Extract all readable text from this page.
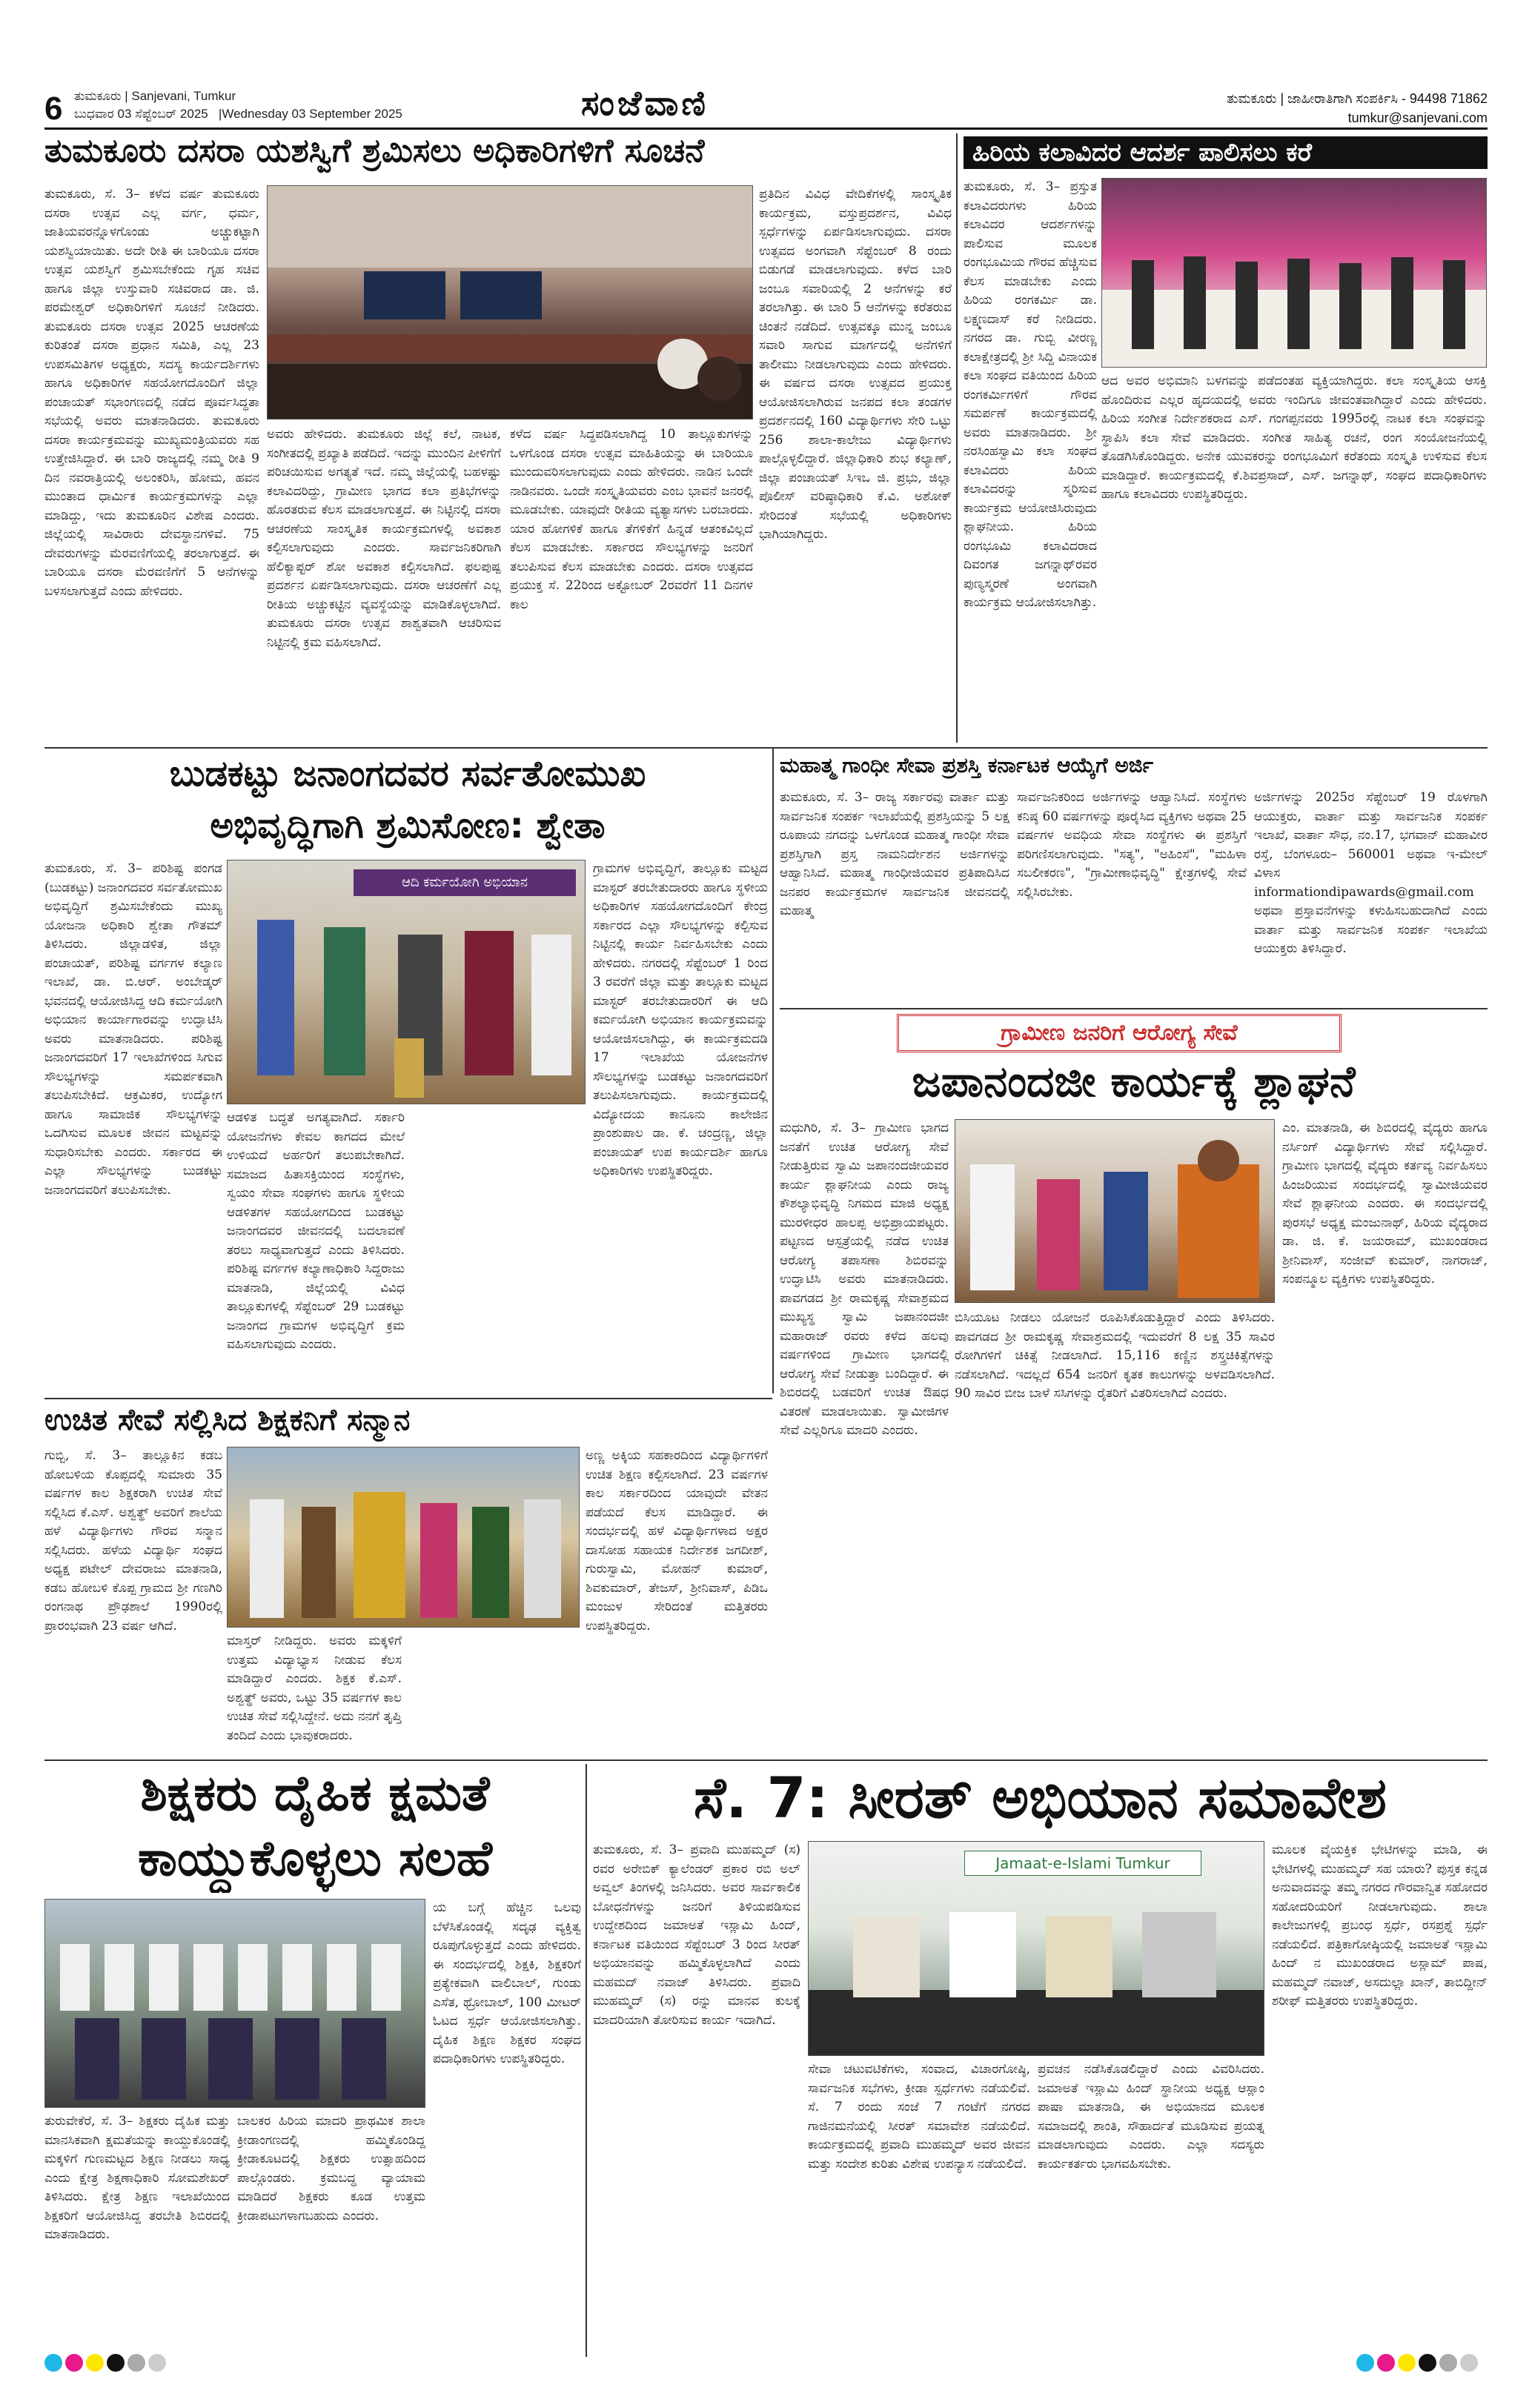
6 ತುಮಕೂರು | Sanjevani, Tumkur
ಬುಧವಾರ 03 ಸೆಪ್ಟೆಂಬರ್ 2025   |Wednesday 03 September 2025	ಸಂಜೆವಾಣಿ	ತುಮಕೂರು | ಜಾಹೀರಾತಿಗಾಗಿ ಸಂಪರ್ಕಿಸಿ - 94498 71862
tumkur@sanjevani.com
ತುಮಕೂರು ದಸರಾ ಯಶಸ್ವಿಗೆ ಶ್ರಮಿಸಲು ಅಧಿಕಾರಿಗಳಿಗೆ ಸೂಚನೆ
ತುಮಕೂರು, ಸೆ. 3– ಕಳೆದ ವರ್ಷ ತುಮಕೂರು ದಸರಾ ಉತ್ಸವ ಎಲ್ಲ ವರ್ಗ, ಧರ್ಮ, ಜಾತಿಯವರನ್ನೊಳಗೊಂಡು ಅಚ್ಚುಕಟ್ಟಾಗಿ ಯಶಸ್ವಿಯಾಯಿತು. ಅದೇ ರೀತಿ ಈ ಬಾರಿಯೂ ದಸರಾ ಉತ್ಸವ ಯಶಸ್ವಿಗೆ ಶ್ರಮಿಸಬೇಕೆಂದು ಗೃಹ ಸಚಿವ ಹಾಗೂ ಜಿಲ್ಲಾ ಉಸ್ತುವಾರಿ ಸಚಿವರಾದ ಡಾ. ಜಿ. ಪರಮೇಶ್ವರ್ ಅಧಿಕಾರಿಗಳಿಗೆ ಸೂಚನೆ ನೀಡಿದರು. ತುಮಕೂರು ದಸರಾ ಉತ್ಸವ 2025 ಆಚರಣೆಯ ಕುರಿತಂತೆ ದಸರಾ ಪ್ರಧಾನ ಸಮಿತಿ, ಎಲ್ಲ 23 ಉಪಸಮಿತಿಗಳ ಅಧ್ಯಕ್ಷರು, ಸದಸ್ಯ ಕಾರ್ಯದರ್ಶಿಗಳು ಹಾಗೂ ಅಧಿಕಾರಿಗಳ ಸಹಯೋಗದೊಂದಿಗೆ ಜಿಲ್ಲಾ ಪಂಚಾಯತ್ ಸಭಾಂಗಣದಲ್ಲಿ ನಡೆದ ಪೂರ್ವಸಿದ್ಧತಾ ಸಭೆಯಲ್ಲಿ ಅವರು ಮಾತನಾಡಿದರು. ತುಮಕೂರು ದಸರಾ ಕಾರ್ಯಕ್ರಮವನ್ನು ಮುಖ್ಯಮಂತ್ರಿಯವರು ಸಹ ಉತ್ತೇಜಿಸಿದ್ದಾರೆ. ಈ ಬಾರಿ ರಾಜ್ಯದಲ್ಲಿ ನಮ್ಮ ರೀತಿ 9 ದಿನ ನವರಾತ್ರಿಯಲ್ಲಿ ಅಲಂಕರಿಸಿ, ಹೋಮ, ಹವನ ಮುಂತಾದ ಧಾರ್ಮಿಕ ಕಾರ್ಯಕ್ರಮಗಳನ್ನು ಎಲ್ಲಾ ಮಾಡಿದ್ದು, ಇದು ತುಮಕೂರಿನ ವಿಶೇಷ ಎಂದರು. ಜಿಲ್ಲೆಯಲ್ಲಿ ಸಾವಿರಾರು ದೇವಸ್ಥಾನಗಳಿವೆ. 75 ದೇವರುಗಳನ್ನು ಮೆರವಣಿಗೆಯಲ್ಲಿ ತರಲಾಗುತ್ತದೆ. ಈ ಬಾರಿಯೂ ದಸರಾ ಮೆರವಣಿಗೆಗೆ 5 ಆನೆಗಳನ್ನು ಬಳಸಲಾಗುತ್ತದೆ ಎಂದು ಹೇಳಿದರು.
ಅವರು ಹೇಳಿದರು. ತುಮಕೂರು ಜಿಲ್ಲೆ ಕಲೆ, ನಾಟಕ, ಸಂಗೀತದಲ್ಲಿ ಪ್ರಖ್ಯಾತಿ ಪಡೆದಿದೆ. ಇದನ್ನು ಮುಂದಿನ ಪೀಳಿಗೆಗೆ ಪರಿಚಯಿಸುವ ಅಗತ್ಯತೆ ಇದೆ. ನಮ್ಮ ಜಿಲ್ಲೆಯಲ್ಲಿ ಬಹಳಷ್ಟು ಕಲಾವಿದರಿದ್ದು, ಗ್ರಾಮೀಣ ಭಾಗದ ಕಲಾ ಪ್ರತಿಭೆಗಳನ್ನು ಹೊರತರುವ ಕೆಲಸ ಮಾಡಲಾಗುತ್ತದೆ. ಈ ನಿಟ್ಟಿನಲ್ಲಿ ದಸರಾ ಆಚರಣೆಯ ಸಾಂಸ್ಕೃತಿಕ ಕಾರ್ಯಕ್ರಮಗಳಲ್ಲಿ ಅವಕಾಶ ಕಲ್ಪಿಸಲಾಗುವುದು ಎಂದರು. ಸಾರ್ವಜನಿಕರಿಗಾಗಿ ಹೆಲಿಕ್ಯಾಪ್ಟರ್ ಶೋ ಅವಕಾಶ ಕಲ್ಪಿಸಲಾಗಿದೆ. ಫಲಪುಷ್ಪ ಪ್ರದರ್ಶನ ಏರ್ಪಡಿಸಲಾಗುವುದು. ದಸರಾ ಆಚರಣೆಗೆ ಎಲ್ಲ ರೀತಿಯ ಅಚ್ಚುಕಟ್ಟಿನ ವ್ಯವಸ್ಥೆಯನ್ನು ಮಾಡಿಕೊಳ್ಳಲಾಗಿದೆ. ತುಮಕೂರು ದಸರಾ ಉತ್ಸವ ಶಾಶ್ವತವಾಗಿ ಆಚರಿಸುವ ನಿಟ್ಟಿನಲ್ಲಿ ಕ್ರಮ ವಹಿಸಲಾಗಿದೆ.
ಕಳೆದ ವರ್ಷ ಸಿದ್ಧಪಡಿಸಲಾಗಿದ್ದ 10 ತಾಲ್ಲೂಕುಗಳನ್ನು ಒಳಗೊಂಡ ದಸರಾ ಉತ್ಸವ ಮಾಹಿತಿಯನ್ನು ಈ ಬಾರಿಯೂ ಮುಂದುವರಿಸಲಾಗುವುದು ಎಂದು ಹೇಳಿದರು. ನಾಡಿನ ಒಂದೇ ನಾಡಿನವರು. ಒಂದೇ ಸಂಸ್ಕೃತಿಯವರು ಎಂಬ ಭಾವನೆ ಜನರಲ್ಲಿ ಮೂಡಬೇಕು. ಯಾವುದೇ ರೀತಿಯ ವ್ಯತ್ಯಾಸಗಳು ಬರಬಾರದು. ಯಾರ ಹೋಗಳಿಕೆ ಹಾಗೂ ತೆಗಳಿಕೆಗೆ ಹಿನ್ನಡೆ ಆತಂಕವಿಲ್ಲದೆ ಕೆಲಸ ಮಾಡಬೇಕು. ಸರ್ಕಾರದ ಸೌಲಭ್ಯಗಳನ್ನು ಜನರಿಗೆ ತಲುಪಿಸುವ ಕೆಲಸ ಮಾಡಬೇಕು ಎಂದರು. ದಸರಾ ಉತ್ಸವದ ಪ್ರಯುಕ್ತ ಸೆ. 22ರಿಂದ ಅಕ್ಟೋಬರ್ 2ರವರೆಗೆ 11 ದಿನಗಳ ಕಾಲ
ಪ್ರತಿದಿನ ವಿವಿಧ ವೇದಿಕೆಗಳಲ್ಲಿ ಸಾಂಸ್ಕೃತಿಕ ಕಾರ್ಯಕ್ರಮ, ವಸ್ತುಪ್ರದರ್ಶನ, ವಿವಿಧ ಸ್ಪರ್ಧೆಗಳನ್ನು ಏರ್ಪಡಿಸಲಾಗುವುದು. ದಸರಾ ಉತ್ಸವದ ಅಂಗವಾಗಿ ಸೆಪ್ಟೆಂಬರ್ 8 ರಂದು ಬಿಡುಗಡೆ ಮಾಡಲಾಗುವುದು. ಕಳೆದ ಬಾರಿ ಜಂಬೂ ಸವಾರಿಯಲ್ಲಿ 2 ಆನೆಗಳನ್ನು ಕರೆ ತರಲಾಗಿತ್ತು. ಈ ಬಾರಿ 5 ಆನೆಗಳನ್ನು ಕರೆತರುವ ಚಿಂತನೆ ನಡೆದಿದೆ. ಉತ್ಸವಕ್ಕೂ ಮುನ್ನ ಜಂಬೂ ಸವಾರಿ ಸಾಗುವ ಮಾರ್ಗದಲ್ಲಿ ಅನೆಗಳಿಗೆ ತಾಲೀಮು ನೀಡಲಾಗುವುದು ಎಂದು ಹೇಳಿದರು. ಈ ವರ್ಷದ ದಸರಾ ಉತ್ಸವದ ಪ್ರಯುಕ್ತ ಆಯೋಜಿಸಲಾಗಿರುವ ಜನಪದ ಕಲಾ ತಂಡಗಳ ಪ್ರದರ್ಶನದಲ್ಲಿ 160 ವಿದ್ಯಾರ್ಥಿಗಳು ಸೇರಿ ಒಟ್ಟು 256 ಶಾಲಾ-ಕಾಲೇಜು ವಿದ್ಯಾರ್ಥಿಗಳು ಪಾಲ್ಗೊಳ್ಳಲಿದ್ದಾರೆ. ಜಿಲ್ಲಾಧಿಕಾರಿ ಶುಭ ಕಲ್ಯಾಣ್, ಜಿಲ್ಲಾ ಪಂಚಾಯತ್ ಸಿಇಒ ಜಿ. ಪ್ರಭು, ಜಿಲ್ಲಾ ಪೊಲೀಸ್ ವರಿಷ್ಠಾಧಿಕಾರಿ ಕೆ.ವಿ. ಅಶೋಕ್ ಸೇರಿದಂತೆ ಸಭೆಯಲ್ಲಿ ಅಧಿಕಾರಿಗಳು ಭಾಗಿಯಾಗಿದ್ದರು.
ಹಿರಿಯ ಕಲಾವಿದರ ಆದರ್ಶ ಪಾಲಿಸಲು ಕರೆ
ತುಮಕೂರು, ಸೆ. 3– ಪ್ರಸ್ತುತ ಕಲಾವಿದರುಗಳು ಹಿರಿಯ ಕಲಾವಿದರ ಆದರ್ಶಗಳನ್ನು ಪಾಲಿಸುವ ಮೂಲಕ ರಂಗಭೂಮಿಯ ಗೌರವ ಹೆಚ್ಚಿಸುವ ಕೆಲಸ ಮಾಡಬೇಕು ಎಂದು ಹಿರಿಯ ರಂಗಕರ್ಮಿ ಡಾ. ಲಕ್ಷ್ಮಣದಾಸ್ ಕರೆ ನೀಡಿದರು. ನಗರದ ಡಾ. ಗುಬ್ಬಿ ವೀರಣ್ಣ ಕಲಾಕ್ಷೇತ್ರದಲ್ಲಿ ಶ್ರೀ ಸಿದ್ದಿ ವಿನಾಯಕ ಕಲಾ ಸಂಘದ ವತಿಯಿಂದ ಹಿರಿಯ ರಂಗಕರ್ಮಿಗಳಿಗೆ ಗೌರವ ಸಮರ್ಪಣೆ ಕಾರ್ಯಕ್ರಮದಲ್ಲಿ ಅವರು ಮಾತನಾಡಿದರು. ಶ್ರೀ ನರಸಿಂಹಸ್ವಾಮಿ ಕಲಾ ಸಂಘದ ಕಲಾವಿದರು ಹಿರಿಯ ಕಲಾವಿದರನ್ನು ಸ್ಮರಿಸುವ ಕಾರ್ಯಕ್ರಮ ಆಯೋಜಿಸಿರುವುದು ಶ್ಲಾಘನೀಯ. ಹಿರಿಯ ರಂಗಭೂಮಿ ಕಲಾವಿದರಾದ ದಿವಂಗತ ಜಗನ್ನಾಥ್‌ರವರ ಪುಣ್ಯಸ್ಮರಣೆ ಅಂಗವಾಗಿ ಕಾರ್ಯಕ್ರಮ ಆಯೋಜಿಸಲಾಗಿತ್ತು.
ಆದ ಅವರ ಅಭಿಮಾನಿ ಬಳಗವನ್ನು ಪಡೆದಂತಹ ವ್ಯಕ್ತಿಯಾಗಿದ್ದರು. ಕಲಾ ಸಂಸ್ಕೃತಿಯ ಆಸಕ್ತಿ ಹೊಂದಿರುವ ಎಲ್ಲರ ಹೃದಯದಲ್ಲಿ ಅವರು ಇಂದಿಗೂ ಜೀವಂತವಾಗಿದ್ದಾರೆ ಎಂದು ಹೇಳಿದರು. ಹಿರಿಯ ಸಂಗೀತ ನಿರ್ದೇಶಕರಾದ ಎಸ್. ಗಂಗಪ್ಪನವರು 1995ರಲ್ಲಿ ನಾಟಕ ಕಲಾ ಸಂಘವನ್ನು ಸ್ಥಾಪಿಸಿ ಕಲಾ ಸೇವೆ ಮಾಡಿದರು. ಸಂಗೀತ ಸಾಹಿತ್ಯ ರಚನೆ, ರಂಗ ಸಂಯೋಜನೆಯಲ್ಲಿ ತೊಡಗಿಸಿಕೊಂಡಿದ್ದರು. ಅನೇಕ ಯುವಕರನ್ನು ರಂಗಭೂಮಿಗೆ ಕರೆತಂದು ಸಂಸ್ಕೃತಿ ಉಳಿಸುವ ಕೆಲಸ ಮಾಡಿದ್ದಾರೆ. ಕಾರ್ಯಕ್ರಮದಲ್ಲಿ ಕೆ.ಶಿವಪ್ರಸಾದ್, ಎಸ್. ಜಗನ್ನಾಥ್, ಸಂಘದ ಪದಾಧಿಕಾರಿಗಳು ಹಾಗೂ ಕಲಾವಿದರು ಉಪಸ್ಥಿತರಿದ್ದರು.
ಬುಡಕಟ್ಟು ಜನಾಂಗದವರ ಸರ್ವತೋಮುಖ
ಅಭಿವೃದ್ಧಿಗಾಗಿ ಶ್ರಮಿಸೋಣ: ಶ್ವೇತಾ
ತುಮಕೂರು, ಸೆ. 3– ಪರಿಶಿಷ್ಟ ಪಂಗಡ (ಬುಡಕಟ್ಟು) ಜನಾಂಗದವರ ಸರ್ವತೋಮುಖ ಅಭಿವೃದ್ಧಿಗೆ ಶ್ರಮಿಸಬೇಕೆಂದು ಮುಖ್ಯ ಯೋಜನಾ ಅಧಿಕಾರಿ ಶ್ವೇತಾ ಗೌತಮ್ ತಿಳಿಸಿದರು. ಜಿಲ್ಲಾಡಳಿತ, ಜಿಲ್ಲಾ ಪಂಚಾಯತ್, ಪರಿಶಿಷ್ಟ ವರ್ಗಗಳ ಕಲ್ಯಾಣ ಇಲಾಖೆ, ಡಾ. ಬಿ.ಆರ್. ಅಂಬೇಡ್ಕರ್ ಭವನದಲ್ಲಿ ಆಯೋಜಿಸಿದ್ದ ಆದಿ ಕರ್ಮಯೋಗಿ ಅಭಿಯಾನ ಕಾರ್ಯಾಗಾರವನ್ನು ಉದ್ಘಾಟಿಸಿ ಅವರು ಮಾತನಾಡಿದರು. ಪರಿಶಿಷ್ಟ ಜನಾಂಗದವರಿಗೆ 17 ಇಲಾಖೆಗಳಿಂದ ಸಿಗುವ ಸೌಲಭ್ಯಗಳನ್ನು ಸಮರ್ಪಕವಾಗಿ ತಲುಪಿಸಬೇಕಿದೆ. ಆಕ್ರಮಿಕರ, ಉದ್ಯೋಗ ಹಾಗೂ ಸಾಮಾಜಿಕ ಸೌಲಭ್ಯಗಳನ್ನು ಒದಗಿಸುವ ಮೂಲಕ ಜೀವನ ಮಟ್ಟವನ್ನು ಸುಧಾರಿಸಬೇಕು ಎಂದರು. ಸರ್ಕಾರದ ಈ ಎಲ್ಲಾ ಸೌಲಭ್ಯಗಳನ್ನು ಬುಡಕಟ್ಟು ಜನಾಂಗದವರಿಗೆ ತಲುಪಿಸಬೇಕು.
ಆದಿ ಕರ್ಮಯೋಗಿ ಅಭಿಯಾನ
ಆಡಳಿತ ಬದ್ಧತೆ ಅಗತ್ಯವಾಗಿದೆ. ಸರ್ಕಾರಿ ಯೋಜನೆಗಳು ಕೇವಲ ಕಾಗದದ ಮೇಲೆ ಉಳಿಯದೆ ಅರ್ಹರಿಗೆ ತಲುಪಬೇಕಾಗಿದೆ. ಸಮಾಜದ ಹಿತಾಸಕ್ತಿಯಿಂದ ಸಂಸ್ಥೆಗಳು, ಸ್ವಯಂ ಸೇವಾ ಸಂಘಗಳು ಹಾಗೂ ಸ್ಥಳೀಯ ಆಡಳಿತಗಳ ಸಹಯೋಗದಿಂದ ಬುಡಕಟ್ಟು ಜನಾಂಗದವರ ಜೀವನದಲ್ಲಿ ಬದಲಾವಣೆ ತರಲು ಸಾಧ್ಯವಾಗುತ್ತದೆ ಎಂದು ತಿಳಿಸಿದರು. ಪರಿಶಿಷ್ಟ ವರ್ಗಗಳ ಕಲ್ಯಾಣಾಧಿಕಾರಿ ಸಿದ್ದರಾಜು ಮಾತನಾಡಿ, ಜಿಲ್ಲೆಯಲ್ಲಿ ವಿವಿಧ ತಾಲ್ಲೂಕುಗಳಲ್ಲಿ ಸೆಪ್ಟೆಂಬರ್ 29 ಬುಡಕಟ್ಟು ಜನಾಂಗದ ಗ್ರಾಮಗಳ ಅಭಿವೃದ್ಧಿಗೆ ಕ್ರಮ ವಹಿಸಲಾಗುವುದು ಎಂದರು.
ಗ್ರಾಮಗಳ ಅಭಿವೃದ್ಧಿಗೆ, ತಾಲ್ಲೂಕು ಮಟ್ಟದ ಮಾಸ್ಟರ್ ತರಬೇತುದಾರರು ಹಾಗೂ ಸ್ಥಳೀಯ ಅಧಿಕಾರಿಗಳ ಸಹಯೋಗದೊಂದಿಗೆ ಕೇಂದ್ರ ಸರ್ಕಾರದ ಎಲ್ಲಾ ಸೌಲಭ್ಯಗಳನ್ನು ಕಲ್ಪಿಸುವ ನಿಟ್ಟಿನಲ್ಲಿ ಕಾರ್ಯ ನಿರ್ವಹಿಸಬೇಕು ಎಂದು ಹೇಳಿದರು. ನಗರದಲ್ಲಿ ಸೆಪ್ಟೆಂಬರ್ 1 ರಿಂದ 3 ರವರೆಗೆ ಜಿಲ್ಲಾ ಮತ್ತು ತಾಲ್ಲೂಕು ಮಟ್ಟದ ಮಾಸ್ಟರ್ ತರಬೇತುದಾರರಿಗೆ ಈ ಆದಿ ಕರ್ಮಯೋಗಿ ಅಭಿಯಾನ ಕಾರ್ಯಕ್ರಮವನ್ನು ಆಯೋಜಿಸಲಾಗಿದ್ದು, ಈ ಕಾರ್ಯಕ್ರಮದಡಿ 17 ಇಲಾಖೆಯ ಯೋಜನೆಗಳ ಸೌಲಭ್ಯಗಳನ್ನು ಬುಡಕಟ್ಟು ಜನಾಂಗದವರಿಗೆ ತಲುಪಿಸಲಾಗುವುದು. ಕಾರ್ಯಕ್ರಮದಲ್ಲಿ ವಿದ್ಯೋದಯ ಕಾನೂನು ಕಾಲೇಜಿನ ಪ್ರಾಂಶುಪಾಲ ಡಾ. ಕೆ. ಚಂದ್ರಣ್ಣ, ಜಿಲ್ಲಾ ಪಂಚಾಯತ್ ಉಪ ಕಾರ್ಯದರ್ಶಿ ಹಾಗೂ ಅಧಿಕಾರಿಗಳು ಉಪಸ್ಥಿತರಿದ್ದರು.
ಮಹಾತ್ಮ ಗಾಂಧೀ ಸೇವಾ ಪ್ರಶಸ್ತಿ ಕರ್ನಾಟಕ ಆಯ್ಕೆಗೆ ಅರ್ಜಿ
ತುಮಕೂರು, ಸೆ. 3– ರಾಜ್ಯ ಸರ್ಕಾರವು ವಾರ್ತಾ ಮತ್ತು ಸಾರ್ವಜನಿಕ ಸಂಪರ್ಕ ಇಲಾಖೆಯಲ್ಲಿ ಪ್ರಶಸ್ತಿಯನ್ನು 5 ಲಕ್ಷ ರೂಪಾಯ ನಗದನ್ನು ಒಳಗೊಂಡ ಮಹಾತ್ಮ ಗಾಂಧೀ ಸೇವಾ ಪ್ರಶಸ್ತಿಗಾಗಿ ಪ್ರಸ್ತ ನಾಮನಿರ್ದೇಶನ ಅರ್ಜಿಗಳನ್ನು ಆಹ್ವಾನಿಸಿದೆ. ಮಹಾತ್ಮ ಗಾಂಧೀಜಿಯವರ ಪ್ರತಿಪಾದಿಸಿದ ಜನಪರ ಕಾರ್ಯಕ್ರಮಗಳ ಸಾರ್ವಜನಿಕ ಜೀವನದಲ್ಲಿ ಮಹಾತ್ಮ
ಸಾರ್ವಜನಿಕರಿಂದ ಅರ್ಜಿಗಳನ್ನು ಆಹ್ವಾನಿಸಿದೆ. ಸಂಸ್ಥೆಗಳು ಕನಿಷ್ಠ 60 ವರ್ಷಗಳನ್ನು ಪೂರೈಸಿದ ವ್ಯಕ್ತಿಗಳು ಅಥವಾ 25 ವರ್ಷಗಳ ಅವಧಿಯ ಸೇವಾ ಸಂಸ್ಥೆಗಳು ಈ ಪ್ರಶಸ್ತಿಗೆ ಪರಿಗಣಿಸಲಾಗುವುದು. "ಸತ್ಯ", "ಅಹಿಂಸೆ", "ಮಹಿಳಾ ಸಬಲೀಕರಣ", "ಗ್ರಾಮೀಣಾಭಿವೃದ್ಧಿ" ಕ್ಷೇತ್ರಗಳಲ್ಲಿ ಸೇವೆ ಸಲ್ಲಿಸಿರಬೇಕು.
ಅರ್ಜಿಗಳನ್ನು 2025ರ ಸೆಪ್ಟೆಂಬರ್ 19 ರೊಳಗಾಗಿ ಆಯುಕ್ತರು, ವಾರ್ತಾ ಮತ್ತು ಸಾರ್ವಜನಿಕ ಸಂಪರ್ಕ ಇಲಾಖೆ, ವಾರ್ತಾ ಸೌಧ, ನಂ.17, ಭಗವಾನ್ ಮಹಾವೀರ ರಸ್ತೆ, ಬೆಂಗಳೂರು– 560001 ಅಥವಾ ಇ-ಮೇಲ್ ವಿಳಾಸ informationdipawards@gmail.com ಅಥವಾ ಪ್ರಸ್ತಾವನೆಗಳನ್ನು ಕಳುಹಿಸಬಹುದಾಗಿದೆ ಎಂದು ವಾರ್ತಾ ಮತ್ತು ಸಾರ್ವಜನಿಕ ಸಂಪರ್ಕ ಇಲಾಖೆಯ ಆಯುಕ್ತರು ತಿಳಿಸಿದ್ದಾರೆ.
ಗ್ರಾಮೀಣ ಜನರಿಗೆ ಆರೋಗ್ಯ ಸೇವೆ
ಜಪಾನಂದಜೀ ಕಾರ್ಯಕ್ಕೆ ಶ್ಲಾಘನೆ
ಮಧುಗಿರಿ, ಸೆ. 3– ಗ್ರಾಮೀಣ ಭಾಗದ ಜನತೆಗೆ ಉಚಿತ ಆರೋಗ್ಯ ಸೇವೆ ನೀಡುತ್ತಿರುವ ಸ್ವಾಮಿ ಜಪಾನಂದಜೀಯವರ ಕಾರ್ಯ ಶ್ಲಾಘನೀಯ ಎಂದು ರಾಜ್ಯ ಕೌಶಲ್ಯಾಭಿವೃದ್ಧಿ ನಿಗಮದ ಮಾಜಿ ಅಧ್ಯಕ್ಷ ಮುರಳೀಧರ ಹಾಲಪ್ಪ ಅಭಿಪ್ರಾಯಪಟ್ಟರು. ಪಟ್ಟಣದ ಆಸ್ಪತ್ರೆಯಲ್ಲಿ ನಡೆದ ಉಚಿತ ಆರೋಗ್ಯ ತಪಾಸಣಾ ಶಿಬಿರವನ್ನು ಉದ್ಘಾಟಿಸಿ ಅವರು ಮಾತನಾಡಿದರು. ಪಾವಗಡದ ಶ್ರೀ ರಾಮಕೃಷ್ಣ ಸೇವಾಶ್ರಮದ ಮುಖ್ಯಸ್ಥ ಸ್ವಾಮಿ ಜಪಾನಂದಜೀ ಮಹಾರಾಜ್ ರವರು ಕಳೆದ ಹಲವು ವರ್ಷಗಳಿಂದ ಗ್ರಾಮೀಣ ಭಾಗದಲ್ಲಿ ಆರೋಗ್ಯ ಸೇವೆ ನೀಡುತ್ತಾ ಬಂದಿದ್ದಾರೆ. ಈ ಶಿಬಿರದಲ್ಲಿ ಬಡವರಿಗೆ ಉಚಿತ ಔಷಧ ವಿತರಣೆ ಮಾಡಲಾಯಿತು. ಸ್ವಾಮೀಜಿಗಳ ಸೇವೆ ಎಲ್ಲರಿಗೂ ಮಾದರಿ ಎಂದರು.
ಬಿಸಿಯೂಟ ನೀಡಲು ಯೋಜನೆ ರೂಪಿಸಿಕೊಡುತ್ತಿದ್ದಾರೆ ಎಂದು ತಿಳಿಸಿದರು. ಪಾವಗಡದ ಶ್ರೀ ರಾಮಕೃಷ್ಣ ಸೇವಾಶ್ರಮದಲ್ಲಿ ಇದುವರೆಗೆ 8 ಲಕ್ಷ 35 ಸಾವಿರ ರೋಗಿಗಳಿಗೆ ಚಿಕಿತ್ಸೆ ನೀಡಲಾಗಿದೆ. 15,116 ಕಣ್ಣಿನ ಶಸ್ತ್ರಚಿಕಿತ್ಸೆಗಳನ್ನು ನಡೆಸಲಾಗಿದೆ. ಇದಲ್ಲದೆ 654 ಜನರಿಗೆ ಕೃತಕ ಕಾಲುಗಳನ್ನು ಅಳವಡಿಸಲಾಗಿದೆ. 90 ಸಾವಿರ ಬೀಜ ಬಾಳೆ ಸಸಿಗಳನ್ನು ರೈತರಿಗೆ ವಿತರಿಸಲಾಗಿದೆ ಎಂದರು.
ಎಂ. ಮಾತನಾಡಿ, ಈ ಶಿಬಿರದಲ್ಲಿ ವೈದ್ಯರು ಹಾಗೂ ನರ್ಸಿಂಗ್ ವಿದ್ಯಾರ್ಥಿಗಳು ಸೇವೆ ಸಲ್ಲಿಸಿದ್ದಾರೆ. ಗ್ರಾಮೀಣ ಭಾಗದಲ್ಲಿ ವೈದ್ಯರು ಕರ್ತವ್ಯ ನಿರ್ವಹಿಸಲು ಹಿಂಜರಿಯುವ ಸಂದರ್ಭದಲ್ಲಿ ಸ್ವಾಮೀಜಿಯವರ ಸೇವೆ ಶ್ಲಾಘನೀಯ ಎಂದರು. ಈ ಸಂದರ್ಭದಲ್ಲಿ ಪುರಸಭೆ ಅಧ್ಯಕ್ಷ ಮಂಜುನಾಥ್, ಹಿರಿಯ ವೈದ್ಯರಾದ ಡಾ. ಜಿ. ಕೆ. ಜಯರಾಮ್, ಮುಖಂಡರಾದ ಶ್ರೀನಿವಾಸ್, ಸಂಜೀವ್ ಕುಮಾರ್, ನಾಗರಾಜ್, ಸಂಪನ್ಮೂಲ ವ್ಯಕ್ತಿಗಳು ಉಪಸ್ಥಿತರಿದ್ದರು.
ಉಚಿತ ಸೇವೆ ಸಲ್ಲಿಸಿದ ಶಿಕ್ಷಕನಿಗೆ ಸನ್ಮಾನ
ಗುಬ್ಬಿ, ಸೆ. 3– ತಾಲ್ಲೂಕಿನ ಕಡಬ ಹೋಬಳಿಯ ಕೊಪ್ಪದಲ್ಲಿ ಸುಮಾರು 35 ವರ್ಷಗಳ ಕಾಲ ಶಿಕ್ಷಕರಾಗಿ ಉಚಿತ ಸೇವೆ ಸಲ್ಲಿಸಿದ ಕೆ.ಎಸ್. ಅಶ್ವತ್ಥ್ ಅವರಿಗೆ ಶಾಲೆಯ ಹಳೆ ವಿದ್ಯಾರ್ಥಿಗಳು ಗೌರವ ಸನ್ಮಾನ ಸಲ್ಲಿಸಿದರು. ಹಳೆಯ ವಿದ್ಯಾರ್ಥಿ ಸಂಘದ ಅಧ್ಯಕ್ಷ ಪಟೇಲ್ ದೇವರಾಜು ಮಾತನಾಡಿ, ಕಡಬ ಹೋಬಳಿ ಕೊಪ್ಪ ಗ್ರಾಮದ ಶ್ರೀ ಗಣಗಿರಿ ರಂಗನಾಥ ಪ್ರೌಢಶಾಲೆ 1990ರಲ್ಲಿ ಪ್ರಾರಂಭವಾಗಿ 23 ವರ್ಷ ಆಗಿದೆ.
ಮಾಸ್ತರ್ ನೀಡಿದ್ದರು. ಅವರು ಮಕ್ಕಳಿಗೆ ಉತ್ತಮ ವಿದ್ಯಾಭ್ಯಾಸ ನೀಡುವ ಕೆಲಸ ಮಾಡಿದ್ದಾರೆ ಎಂದರು. ಶಿಕ್ಷಕ ಕೆ.ಎಸ್. ಅಶ್ವತ್ಥ್ ಅವರು, ಒಟ್ಟು 35 ವರ್ಷಗಳ ಕಾಲ ಉಚಿತ ಸೇವೆ ಸಲ್ಲಿಸಿದ್ದೇನೆ. ಅದು ನನಗೆ ತೃಪ್ತಿ ತಂದಿದೆ ಎಂದು ಭಾವುಕರಾದರು.
ಅಣ್ಣ ಅಕ್ಕಿಯ ಸಹಕಾರದಿಂದ ವಿದ್ಯಾರ್ಥಿಗಳಿಗೆ ಉಚಿತ ಶಿಕ್ಷಣ ಕಲ್ಪಿಸಲಾಗಿದೆ. 23 ವರ್ಷಗಳ ಕಾಲ ಸರ್ಕಾರದಿಂದ ಯಾವುದೇ ವೇತನ ಪಡೆಯದೆ ಕೆಲಸ ಮಾಡಿದ್ದಾರೆ. ಈ ಸಂದರ್ಭದಲ್ಲಿ ಹಳೆ ವಿದ್ಯಾರ್ಥಿಗಳಾದ ಅಕ್ಷರ ದಾಸೋಹ ಸಹಾಯಕ ನಿರ್ದೇಶಕ ಜಗದೀಶ್, ಗುರುಸ್ವಾಮಿ, ಮೋಹನ್ ಕುಮಾರ್, ಶಿವಕುಮಾರ್, ತೇಜಸ್, ಶ್ರೀನಿವಾಸ್, ಪಿಡಿಒ ಮಂಜುಳ ಸೇರಿದಂತೆ ಮತ್ತಿತರರು ಉಪಸ್ಥಿತರಿದ್ದರು.
ಶಿಕ್ಷಕರು ದೈಹಿಕ ಕ್ಷಮತೆ
ಕಾಯ್ದುಕೊಳ್ಳಲು ಸಲಹೆ
ಯ ಬಗ್ಗೆ ಹೆಚ್ಚಿನ ಒಲವು ಬೆಳೆಸಿಕೊಂಡಲ್ಲಿ ಸದೃಢ ವ್ಯಕ್ತಿತ್ವ ರೂಪುಗೊಳ್ಳುತ್ತದೆ ಎಂದು ಹೇಳಿದರು. ಈ ಸಂದರ್ಭದಲ್ಲಿ ಶಿಕ್ಷಕಿ, ಶಿಕ್ಷಕರಿಗೆ ಪ್ರತ್ಯೇಕವಾಗಿ ವಾಲಿಬಾಲ್, ಗುಂಡು ಎಸೆತ, ಥ್ರೋಬಾಲ್, 100 ಮೀಟರ್ ಓಟದ ಸ್ಪರ್ಧೆ ಆಯೋಜಿಸಲಾಗಿತ್ತು. ದೈಹಿಕ ಶಿಕ್ಷಣ ಶಿಕ್ಷಕರ ಸಂಘದ ಪದಾಧಿಕಾರಿಗಳು ಉಪಸ್ಥಿತರಿದ್ದರು.
ತುರುವೇಕೆರೆ, ಸೆ. 3– ಶಿಕ್ಷಕರು ದೈಹಿಕ ಮತ್ತು ಮಾನಸಿಕವಾಗಿ ಕ್ಷಮತೆಯನ್ನು ಕಾಯ್ದುಕೊಂಡಲ್ಲಿ ಮಕ್ಕಳಿಗೆ ಗುಣಮಟ್ಟದ ಶಿಕ್ಷಣ ನೀಡಲು ಸಾಧ್ಯ ಎಂದು ಕ್ಷೇತ್ರ ಶಿಕ್ಷಣಾಧಿಕಾರಿ ಸೋಮಶೇಖರ್ ತಿಳಿಸಿದರು. ಕ್ಷೇತ್ರ ಶಿಕ್ಷಣ ಇಲಾಖೆಯಿಂದ ಶಿಕ್ಷಕರಿಗೆ ಆಯೋಜಿಸಿದ್ದ ತರಬೇತಿ ಶಿಬಿರದಲ್ಲಿ ಮಾತನಾಡಿದರು.
ಬಾಲಕರ ಹಿರಿಯ ಮಾದರಿ ಪ್ರಾಥಮಿಕ ಶಾಲಾ ಕ್ರೀಡಾಂಗಣದಲ್ಲಿ ಹಮ್ಮಿಕೊಂಡಿದ್ದ ಕ್ರೀಡಾಕೂಟದಲ್ಲಿ ಶಿಕ್ಷಕರು ಉತ್ಸಾಹದಿಂದ ಪಾಲ್ಗೊಂಡರು. ಕ್ರಮಬದ್ಧ ವ್ಯಾಯಾಮ ಮಾಡಿದರೆ ಶಿಕ್ಷಕರು ಕೂಡ ಉತ್ತಮ ಕ್ರೀಡಾಪಟುಗಳಾಗಬಹುದು ಎಂದರು.
ಸೆ. 7: ಸೀರತ್ ಅಭಿಯಾನ ಸಮಾವೇಶ
ತುಮಕೂರು, ಸೆ. 3– ಪ್ರವಾದಿ ಮುಹಮ್ಮದ್ (ಸ) ರವರ ಅರೇಬಿಕ್ ಕ್ಯಾಲೆಂಡರ್ ಪ್ರಕಾರ ರಬಿ ಅಲ್ ಅವ್ವಲ್ ತಿಂಗಳಲ್ಲಿ ಜನಿಸಿದರು. ಅವರ ಸಾರ್ವಕಾಲಿಕ ಬೋಧನೆಗಳನ್ನು ಜನರಿಗೆ ತಿಳಿಯಪಡಿಸುವ ಉದ್ದೇಶದಿಂದ ಜಮಾಅತೆ ಇಸ್ಲಾಮಿ ಹಿಂದ್, ಕರ್ನಾಟಕ ವತಿಯಿಂದ ಸೆಪ್ಟೆಂಬರ್ 3 ರಿಂದ ಸೀರತ್ ಅಭಿಯಾನವನ್ನು ಹಮ್ಮಿಕೊಳ್ಳಲಾಗಿದೆ ಎಂದು ಮಹಮದ್ ನವಾಜ್ ತಿಳಿಸಿದರು. ಪ್ರವಾದಿ ಮುಹಮ್ಮದ್ (ಸ) ರನ್ನು ಮಾನವ ಕುಲಕ್ಕೆ ಮಾದರಿಯಾಗಿ ತೋರಿಸುವ ಕಾರ್ಯ ಇದಾಗಿದೆ.
Jamaat-e-Islami Tumkur
ಸೇವಾ ಚಟುವಟಿಕೆಗಳು, ಸಂವಾದ, ವಿಚಾರಗೋಷ್ಠಿ, ಸಾರ್ವಜನಿಕ ಸಭೆಗಳು, ಕ್ರೀಡಾ ಸ್ಪರ್ಧೆಗಳು ನಡೆಯಲಿವೆ. ಸೆ. 7 ರಂದು ಸಂಜೆ 7 ಗಂಟೆಗೆ ನಗರದ ಗಾಜಿನಮನೆಯಲ್ಲಿ ಸೀರತ್ ಸಮಾವೇಶ ನಡೆಯಲಿದೆ. ಕಾರ್ಯಕ್ರಮದಲ್ಲಿ ಪ್ರವಾದಿ ಮುಹಮ್ಮದ್ ಅವರ ಜೀವನ ಮತ್ತು ಸಂದೇಶ ಕುರಿತು ವಿಶೇಷ ಉಪನ್ಯಾಸ ನಡೆಯಲಿದೆ.
ಪ್ರವಚನ ನಡೆಸಿಕೊಡಲಿದ್ದಾರೆ ಎಂದು ವಿವರಿಸಿದರು. ಜಮಾಅತೆ ಇಸ್ಲಾಮಿ ಹಿಂದ್ ಸ್ಥಾನೀಯ ಅಧ್ಯಕ್ಷ ಆಸ್ಲಾಂ ಪಾಷಾ ಮಾತನಾಡಿ, ಈ ಅಭಿಯಾನದ ಮೂಲಕ ಸಮಾಜದಲ್ಲಿ ಶಾಂತಿ, ಸೌಹಾರ್ದತೆ ಮೂಡಿಸುವ ಪ್ರಯತ್ನ ಮಾಡಲಾಗುವುದು ಎಂದರು. ಎಲ್ಲಾ ಸದಸ್ಯರು ಕಾರ್ಯಕರ್ತರು ಭಾಗವಹಿಸಬೇಕು.
ಮೂಲಕ ವೈಯಕ್ತಿಕ ಭೇಟಿಗಳನ್ನು ಮಾಡಿ, ಈ ಭೇಟಿಗಳಲ್ಲಿ ಮುಹಮ್ಮದ್ ಸಹ ಯಾರು? ಪುಸ್ತಕ ಕನ್ನಡ ಅನುವಾದವನ್ನು ತಮ್ಮ ನಗರದ ಗೌರವಾನ್ವಿತ ಸಹೋದರ ಸಹೋದರಿಯರಿಗೆ ನೀಡಲಾಗುವುದು. ಶಾಲಾ ಕಾಲೇಜುಗಳಲ್ಲಿ ಪ್ರಬಂಧ ಸ್ಪರ್ಧೆ, ರಸಪ್ರಶ್ನೆ ಸ್ಪರ್ಧೆ ನಡೆಯಲಿದೆ. ಪತ್ರಿಕಾಗೋಷ್ಠಿಯಲ್ಲಿ ಜಮಾಅತೆ ಇಸ್ಲಾಮಿ ಹಿಂದ್ ನ ಮುಖಂಡರಾದ ಅಸ್ಲಾಮ್ ಪಾಷ, ಮಹಮ್ಮದ್ ನವಾಜ್, ಅಸದುಲ್ಲಾ ಖಾನ್, ತಾಬಿದ್ದೀನ್ ಶರೀಫ್ ಮತ್ತಿತರರು ಉಪಸ್ಥಿತರಿದ್ದರು.
